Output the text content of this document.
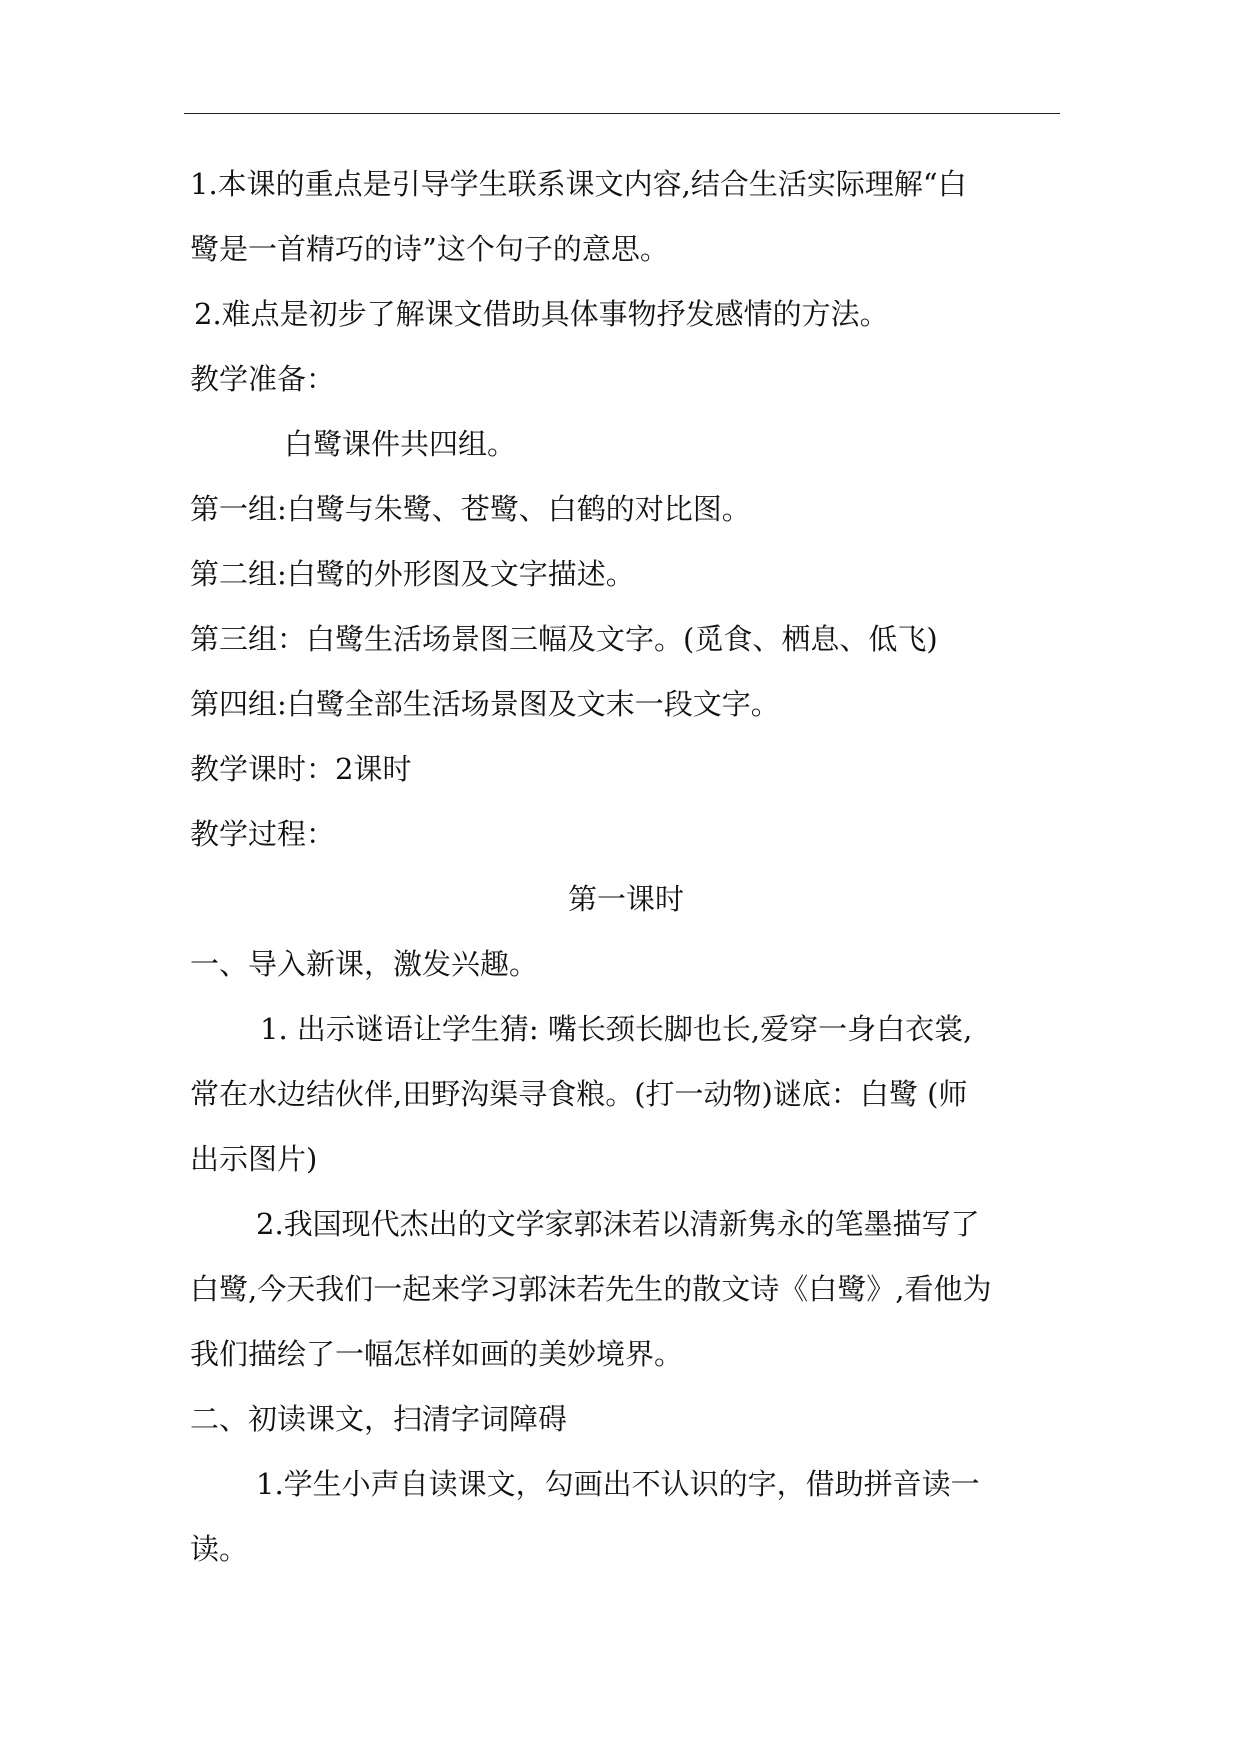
1.本课的重点是引导学生联系课文内容,结合生活实际理解“白
鹭是一首精巧的诗”这个句子的意思。
2.难点是初步了解课文借助具体事物抒发感情的方法。
教学准备：
白鹭课件共四组。
第一组:白鹭与朱鹭、苍鹭、白鹤的对比图。
第二组:白鹭的外形图及文字描述。
第三组：白鹭生活场景图三幅及文字。(觅食、栖息、低飞)
第四组:白鹭全部生活场景图及文末一段文字。
教学课时：2课时
教学过程：
第一课时
一、导入新课，激发兴趣。
1. 出示谜语让学生猜: 嘴长颈长脚也长,爱穿一身白衣裳,
常在水边结伙伴,田野沟渠寻食粮。(打一动物)谜底：白鹭 (师
出示图片)
2.我国现代杰出的文学家郭沫若以清新隽永的笔墨描写了
白鹭,今天我们一起来学习郭沫若先生的散文诗《白鹭》,看他为
我们描绘了一幅怎样如画的美妙境界。
二、初读课文，扫清字词障碍
1.学生小声自读课文，勾画出不认识的字，借助拼音读一
读。
